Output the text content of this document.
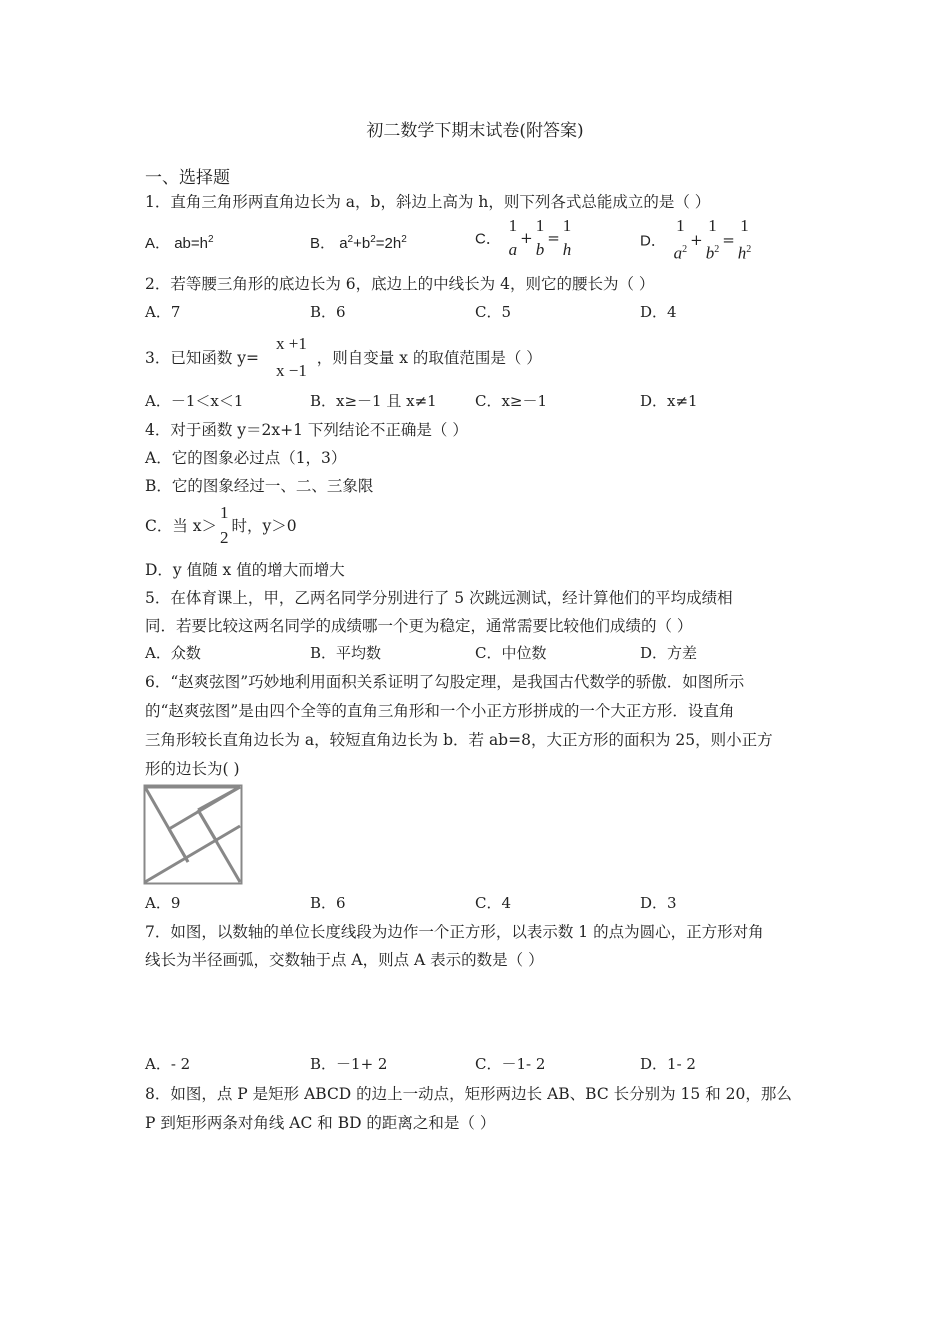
初二数学下期末试卷(附答案)
一、选择题
1．直角三角形两直角边长为 a，b，斜边上高为 h，则下列各式总能成立的是（ ）
A． $ab=h^2$	B． $a^2+b^2=2h^2$	C．
1
a
+
1
b
=
1
h	D．
1
$a^2$
+
1
$b^2$
=
1
$h^2$
2．若等腰三角形的底边长为 6，底边上的中线长为 4，则它的腰长为（ ）
A．7	B．6	C．5	D．4
3．已知函数 y=
x +1
x −1
，则自变量 x 的取值范围是（ ）
A．－1＜x＜1	B．x≥－1 且 x≠1	C．x≥－1	D．x≠1
4．对于函数 y＝2x+1 下列结论不正确是（ ）
A．它的图象必过点（1，3）
B．它的图象经过一、二、三象限
C．当 x＞
1
2
时，y＞0
D．y 值随 x 值的增大而增大
5．在体育课上，甲，乙两名同学分别进行了 5 次跳远测试，经计算他们的平均成绩相
同．若要比较这两名同学的成绩哪一个更为稳定，通常需要比较他们成绩的（ ）
A．众数	B．平均数	C．中位数	D．方差
6．“赵爽弦图”巧妙地利用面积关系证明了勾股定理，是我国古代数学的骄傲．如图所示
的“赵爽弦图”是由四个全等的直角三角形和一个小正方形拼成的一个大正方形．设直角
三角形较长直角边长为 a，较短直角边长为 b．若 ab=8，大正方形的面积为 25，则小正方
形的边长为( )
A．9	B．6	C．4	D．3
7．如图，以数轴的单位长度线段为边作一个正方形，以表示数 1 的点为圆心，正方形对角
线长为半径画弧，交数轴于点 A，则点 A 表示的数是（ ）
A．- 2	B．－1+ 2	C．－1- 2	D．1- 2
8．如图，点 P 是矩形 ABCD 的边上一动点，矩形两边长 AB、BC 长分别为 15 和 20，那么
P 到矩形两条对角线 AC 和 BD 的距离之和是（ ）
